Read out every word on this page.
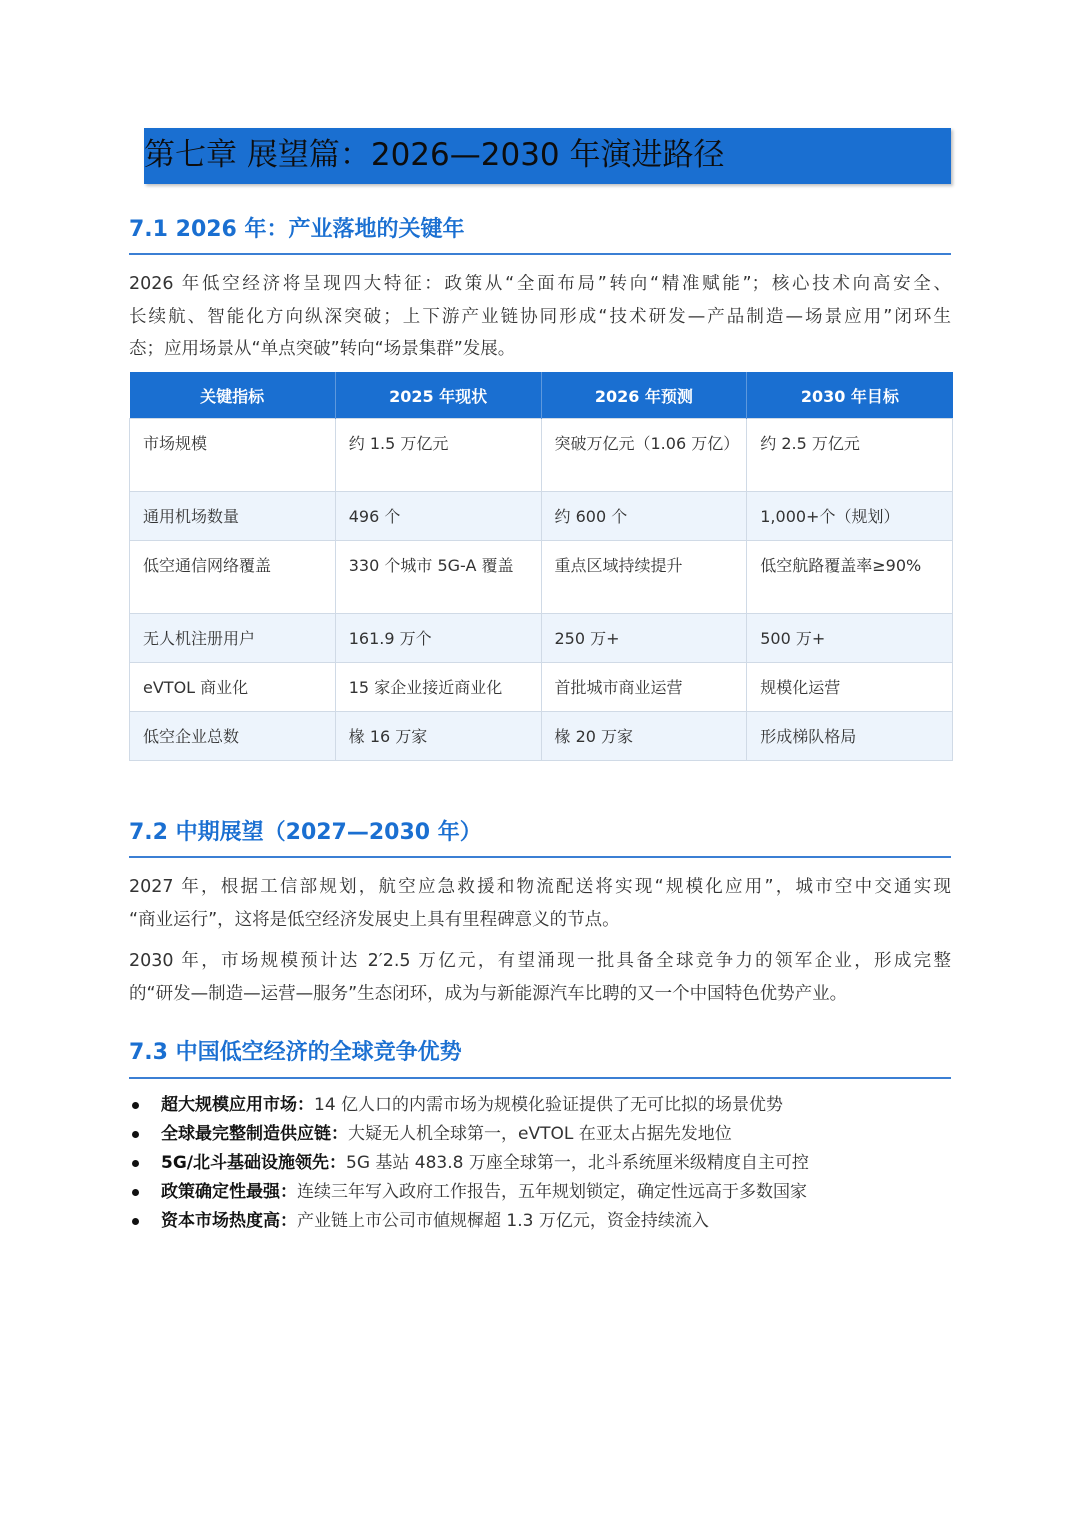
第七章 展望篇：2026—2030 年演进路径
7.1 2026 年：产业落地的关键年
2026 年低空经济将呈现四大特征：政策从“全面布局”转向“精准赋能”；核心技术向高安全、
长续航、智能化方向纵深突破；上下游产业链协同形成“技术研发—产品制造—场景应用”闭环生
态；应用场景从“单点突破”转向“场景集群”发展。
关键指标	2025 年现状	2026 年预测	2030 年目标
市场规模	约 1.5 万亿元	突破万亿元（1.06 万亿）	约 2.5 万亿元
通用机场数量	496 个	约 600 个	1,000+个（规划）
低空通信网络覆盖	330 个城市 5G-A 覆盖	重点区域持续提升	低空航路覆盖率≥90%
无人机注册用户	161.9 万个	250 万+	500 万+
eVTOL 商业化	15 家企业接近商业化	首批城市商业运营	规模化运营
低空企业总数	椽 16 万家	椽 20 万家	形成梯队格局
7.2 中期展望（2027—2030 年）
2027 年，根据工信部规划，航空应急救援和物流配送将实现“规模化应用”，城市空中交通实现
“商业运行”，这将是低空经济发展史上具有里程碑意义的节点。
2030 年，市场规模预计达 2′2.5 万亿元，有望涌现一批具备全球竞争力的领军企业，形成完整
的“研发—制造—运营—服务”生态闭环，成为与新能源汽车比聘的又一个中国特色优势产业。
7.3 中国低空经济的全球竞争优势
超大规模应用市场： 14 亿人口的内需市场为规模化验证提供了无可比拟的场景优势
全球最完整制造供应链： 大疑无人机全球第一，eVTOL 在亚太占据先发地位
5G/北斗基础设施领先： 5G 基站 483.8 万座全球第一，北斗系统厘米级精度自主可控
政策确定性最强： 连续三年写入政府工作报告，五年规划锁定，确定性远高于多数国家
资本市场热度高： 产业链上市公司市値规樨超 1.3 万亿元，资金持续流入
